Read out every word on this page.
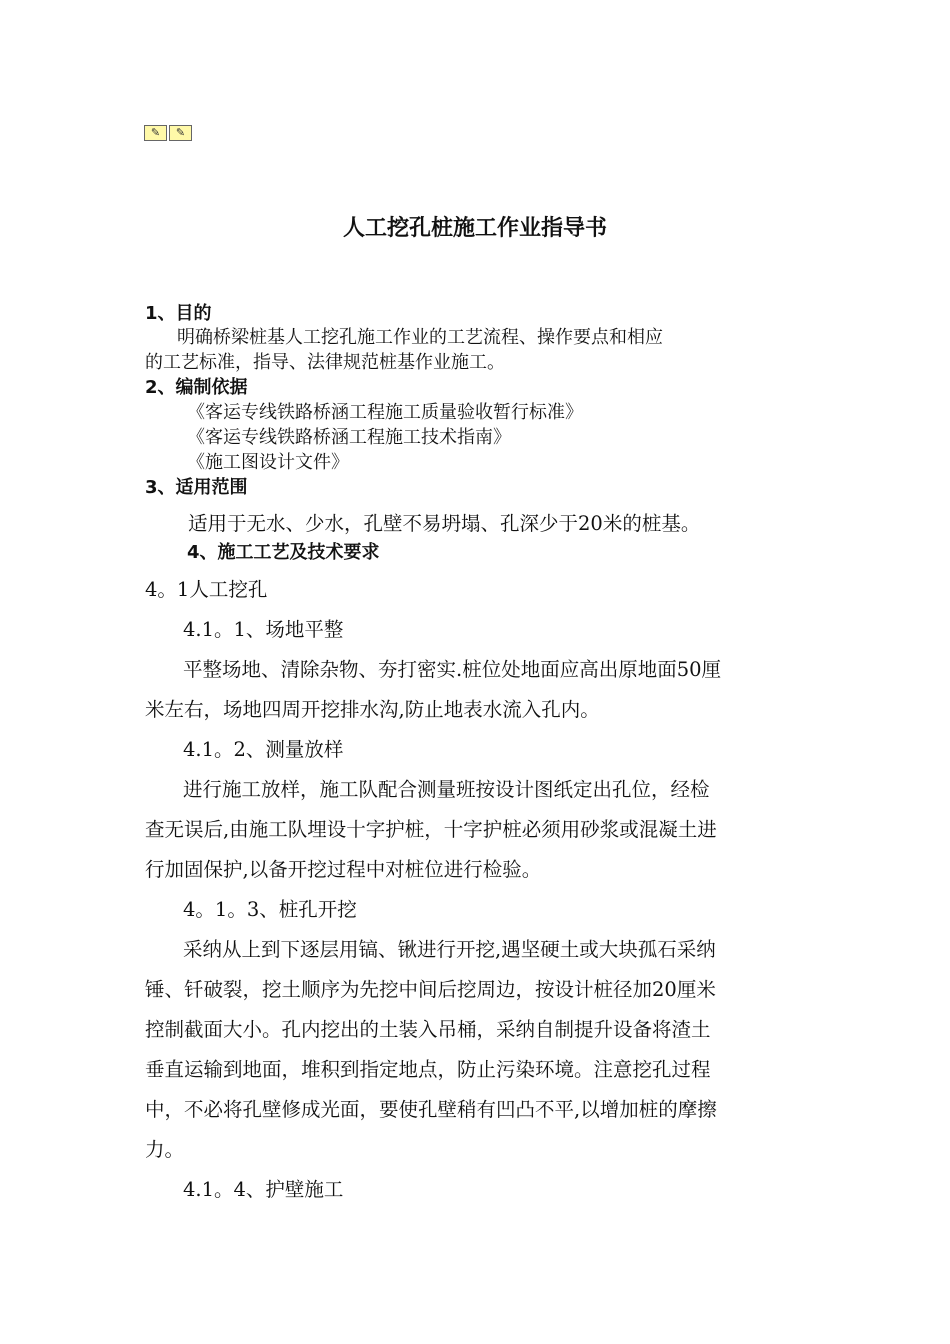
✎	✎
人工挖孔桩施工作业指导书
1、目的
明确桥梁桩基人工挖孔施工作业的工艺流程、操作要点和相应
的工艺标准，指导、法律规范桩基作业施工。
2、编制依据
《客运专线铁路桥涵工程施工质量验收暂行标准》
《客运专线铁路桥涵工程施工技术指南》
《施工图设计文件》
3、适用范围
适用于无水、少水，孔壁不易坍塌、孔深少于20米的桩基。
4、施工工艺及技术要求
4。1人工挖孔
4.1。1、场地平整
平整场地、清除杂物、夯打密实.桩位处地面应高出原地面50厘
米左右，场地四周开挖排水沟,防止地表水流入孔内。
4.1。2、测量放样
进行施工放样，施工队配合测量班按设计图纸定出孔位，经检
查无误后,由施工队埋设十字护桩，十字护桩必须用砂浆或混凝土进
行加固保护,以备开挖过程中对桩位进行检验。
4。1。3、桩孔开挖
采纳从上到下逐层用镐、锹进行开挖,遇坚硬土或大块孤石采纳
锤、钎破裂，挖土顺序为先挖中间后挖周边，按设计桩径加20厘米
控制截面大小。孔内挖出的土装入吊桶，采纳自制提升设备将渣土
垂直运输到地面，堆积到指定地点，防止污染环境。注意挖孔过程
中，不必将孔壁修成光面，要使孔壁稍有凹凸不平,以增加桩的摩擦
力。
4.1。4、护壁施工
